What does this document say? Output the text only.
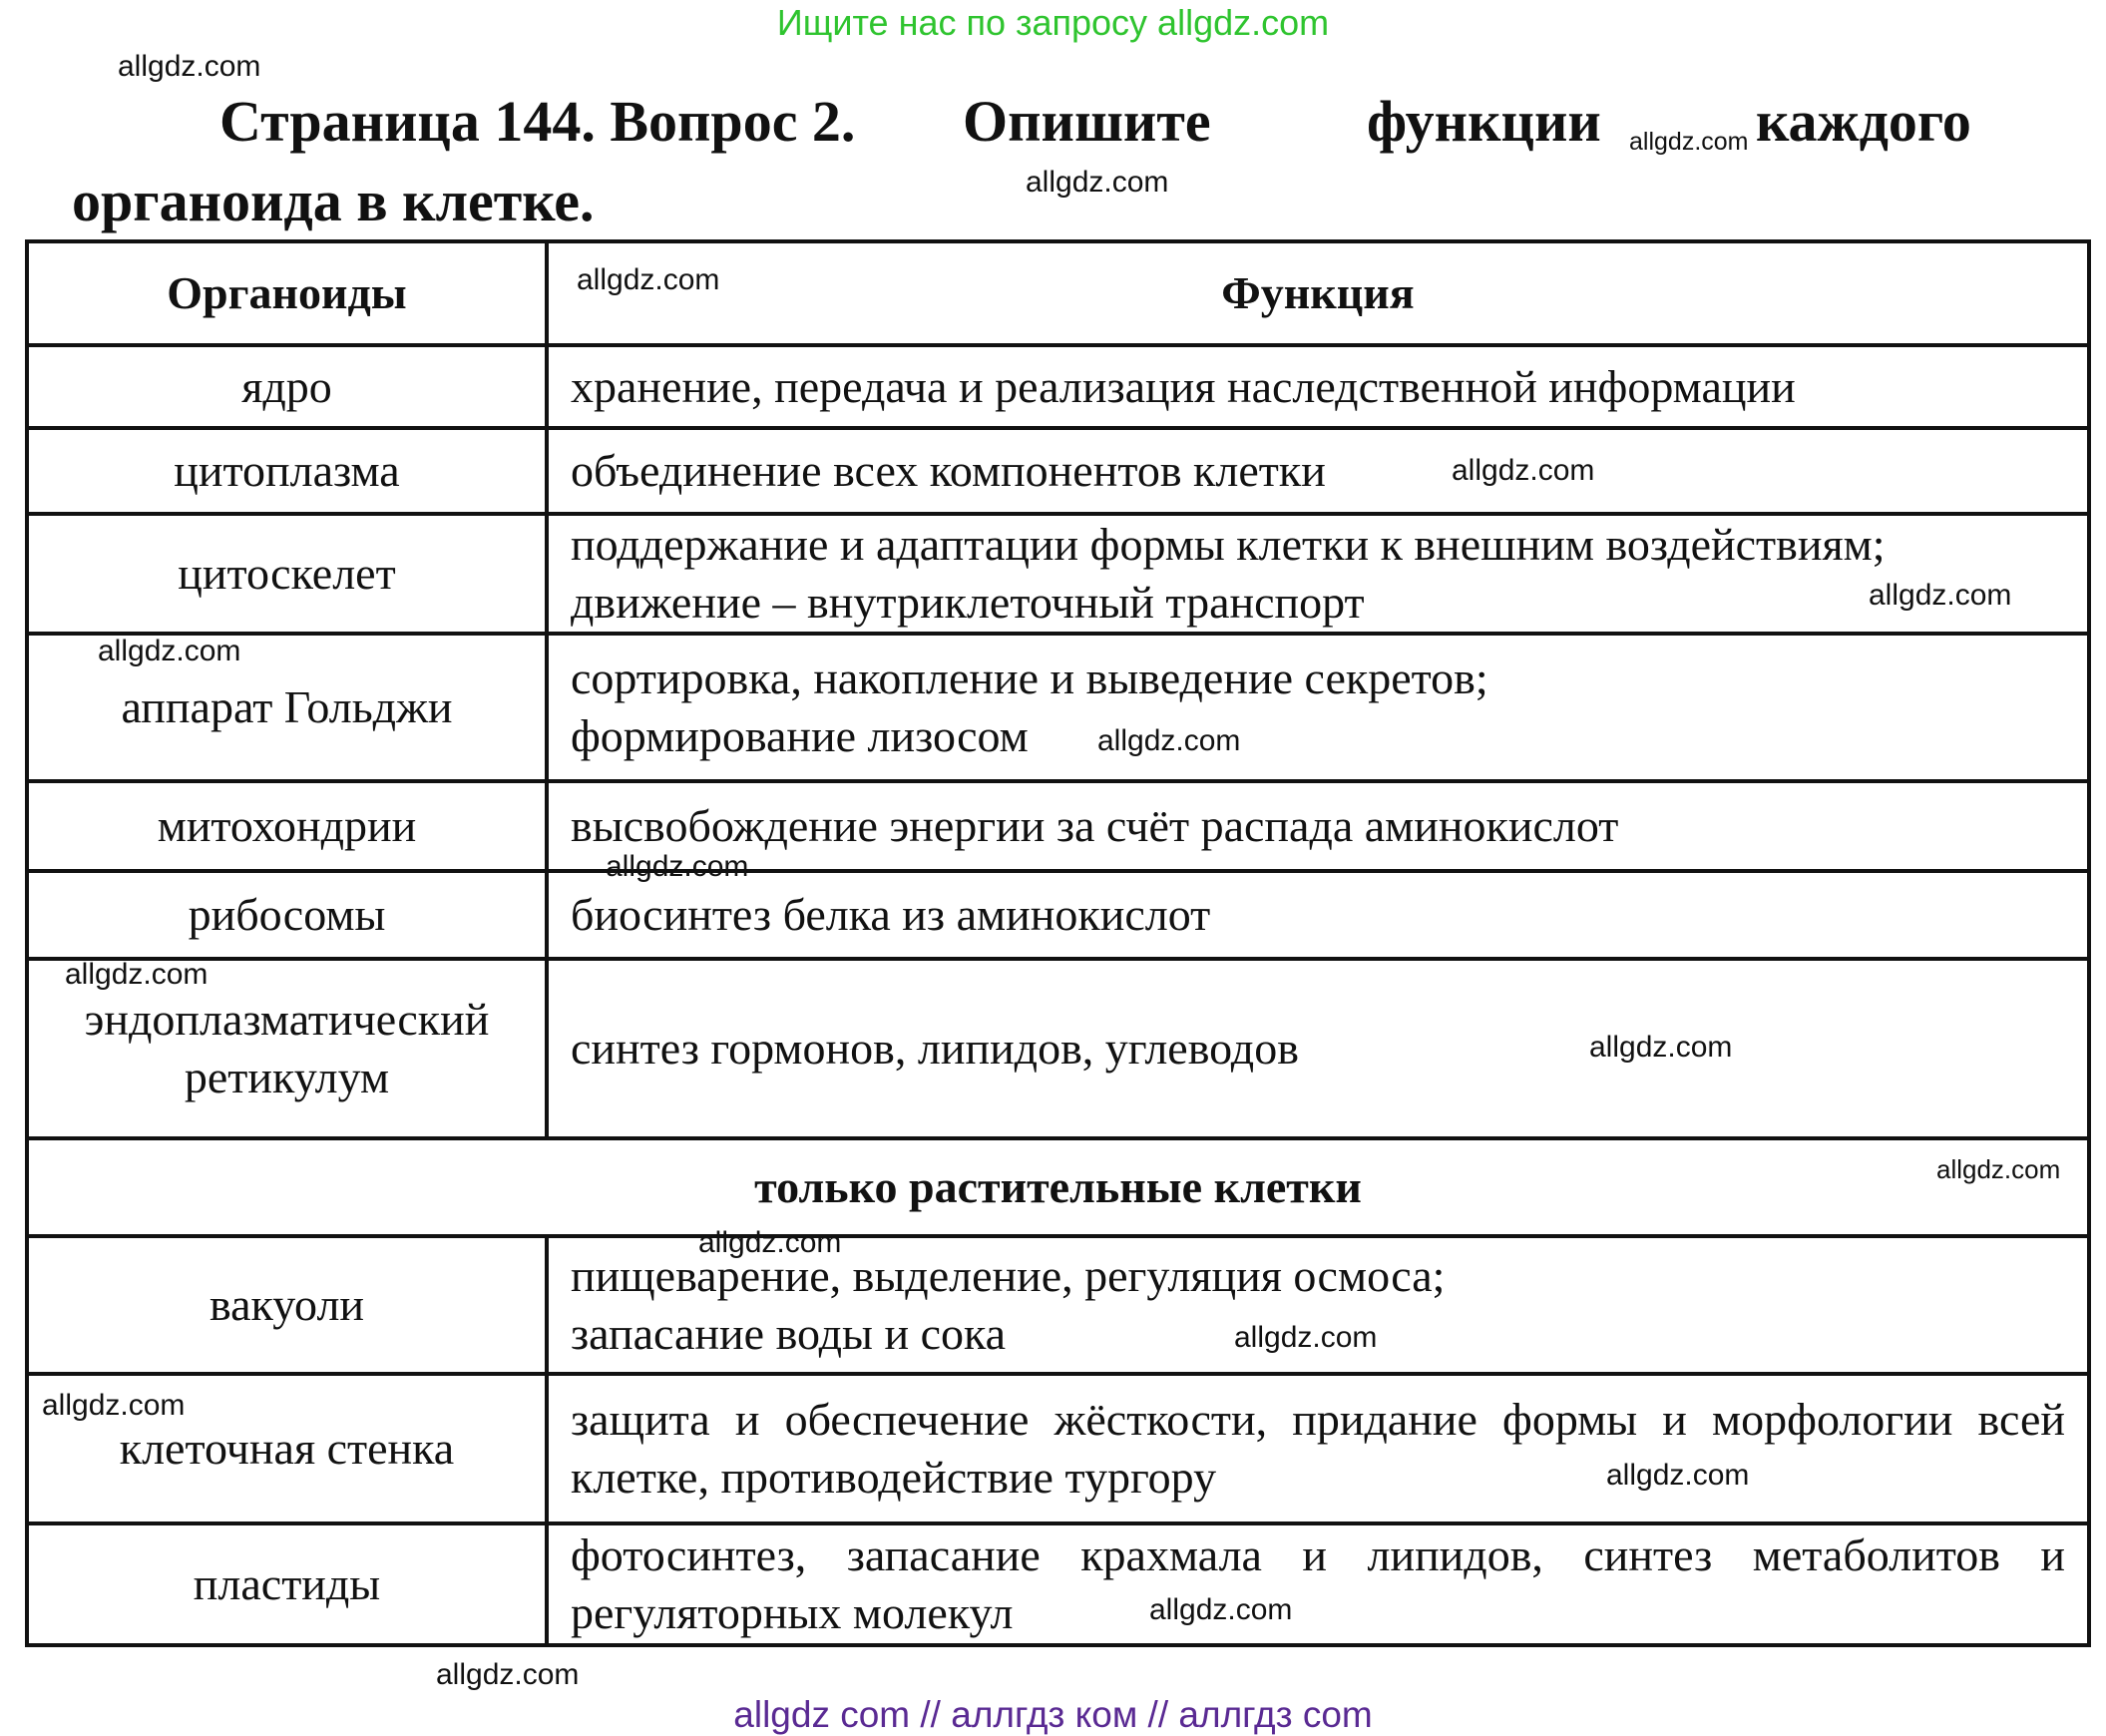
Ищите нас по запросу allgdz.com
allgdz.com
Страница 144. Вопрос 2. Опишите	функции allgdz.com каждого
органоида в клетке.	allgdz.com
Органоиды	Функция
ядро	хранение, передача и реализация наследственной информации
цитоплазма	объединение всех компонентов клетки
цитоскелет	поддержание и адаптации формы клетки к внешним воздействиям;
движение – внутриклеточный транспорт

аппарат Гольджи	сортировка, накопление и выведение секретов;
формирование лизосом

митохондрии	высвобождение энергии за счёт распада аминокислот
рибосомы	биосинтез белка из аминокислот

эндоплазматический
ретикулум	синтез гормонов, липидов, углеводов
только растительные клетки	
вакуоли	пищеварение, выделение, регуляция осмоса;
запасание воды и сока

клеточная стенка	защита и обеспечение жёсткости, придание формы и морфологии всей клетке, противодействие тургору
пластиды	фотосинтез, запасание крахмала и липидов, синтез метаболитов и регуляторных молекул
allgdz.com
allgdz.com
allgdz.com
allgdz.com
allgdz.com
allgdz.com
allgdz.com
allgdz.com
allgdz.com
allgdz.com
allgdz.com
allgdz.com
allgdz.com
allgdz.com
allgdz.com
allgdz com // аллгдз ком // аллгдз com
